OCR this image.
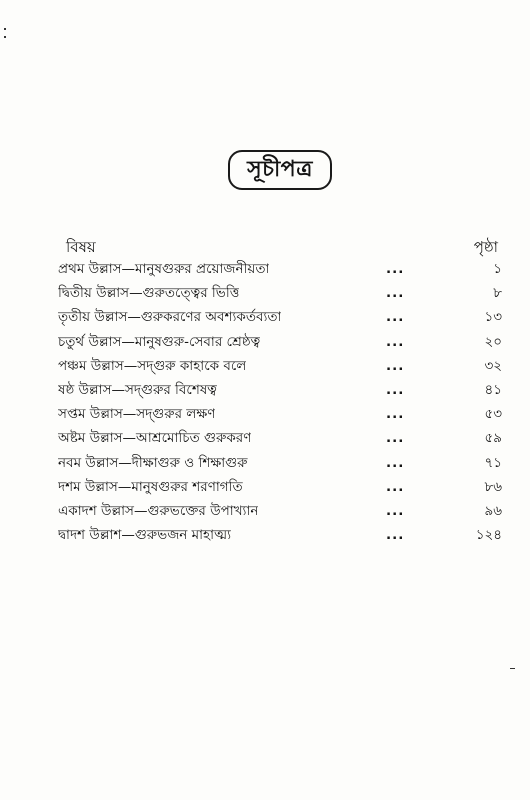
সূচীপত্র
বিষয়	পৃষ্ঠা
প্রথম উল্লাস—মানুষগুরুর প্রয়োজনীয়তা	...	১
দ্বিতীয় উল্লাস—গুরুতত্ত্বের ভিত্তি	...	৮
তৃতীয় উল্লাস—গুরুকরণের অবশ্যকর্তব্যতা	...	১৩
চতুর্থ উল্লাস—মানুষগুরু-সেবার শ্রেষ্ঠত্ব	...	২০
পঞ্চম উল্লাস—সদ্‌গুরু কাহাকে বলে	...	৩২
ষষ্ঠ উল্লাস—সদ্‌গুরুর বিশেষত্ব	...	৪১
সপ্তম উল্লাস—সদ্‌গুরুর লক্ষণ	...	৫৩
অষ্টম উল্লাস—আশ্রমোচিত গুরুকরণ	...	৫৯
নবম উল্লাস—দীক্ষাগুরু ও শিক্ষাগুরু	...	৭১
দশম উল্লাস—মানুষগুরুর শরণাগতি	...	৮৬
একাদশ উল্লাস—গুরুভক্তের উপাখ্যান	...	৯৬
দ্বাদশ উল্লাশ—গুরুভজন মাহাত্ম্য	...	১২৪
